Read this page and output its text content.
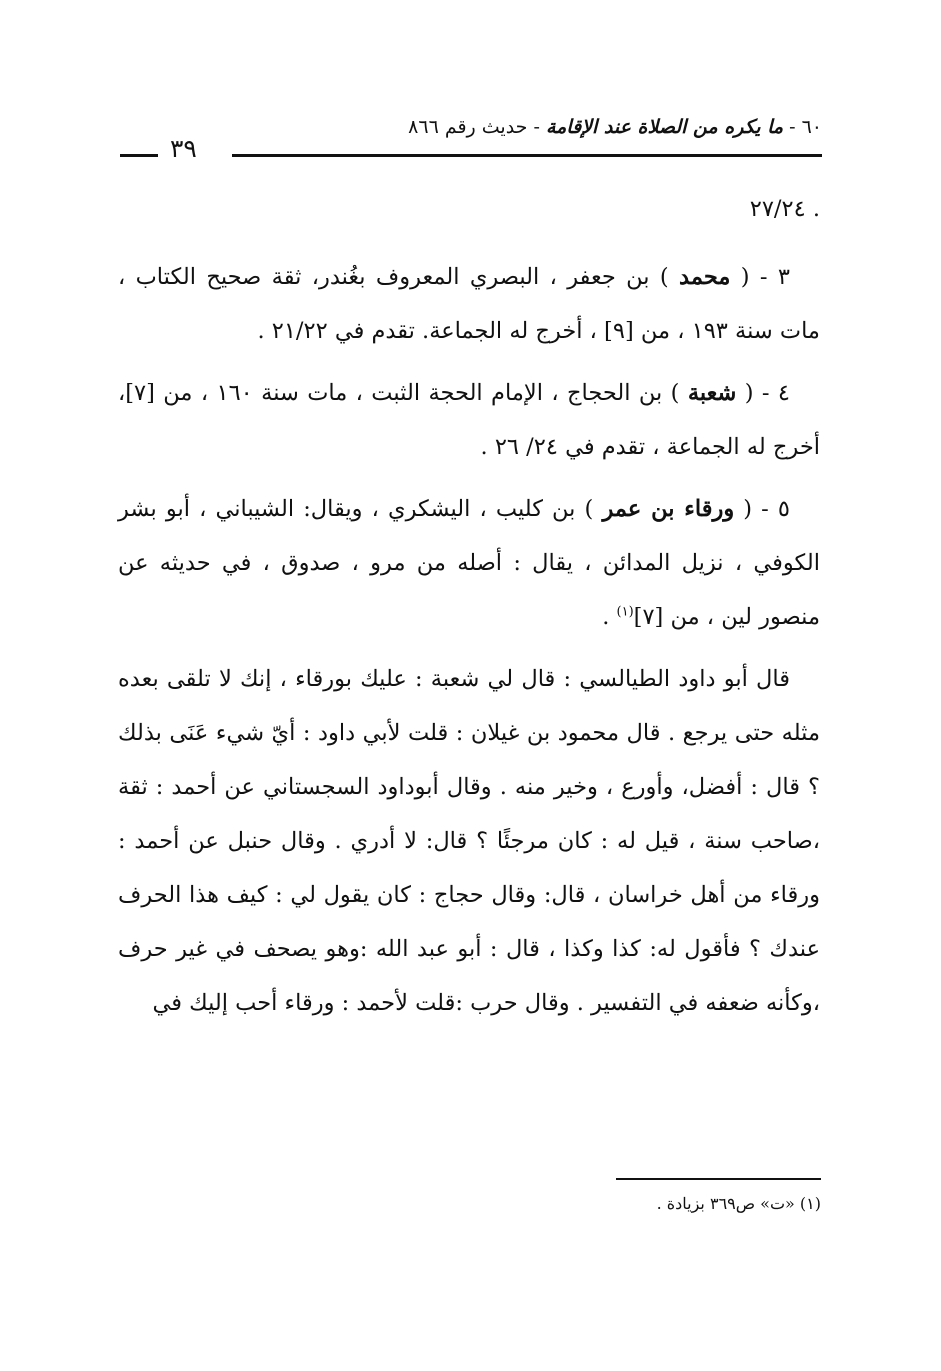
٦٠ - ما يكره من الصلاة عند الإقامة - حديث رقم ٨٦٦
٣٩

. ٢٧/٢٤

٣ - ( محمد ) بن جعفر ، البصري المعروف بغُندر، ثقة صحيح الكتاب ، مات سنة ١٩٣ ، من [٩] ، أخرج له الجماعة. تقدم في ٢١/٢٢ .

٤ - ( شعبة ) بن الحجاج ، الإمام الحجة الثبت ، مات سنة ١٦٠ ، من [٧]، أخرج له الجماعة ، تقدم في ٢٤/ ٢٦ .

٥ - ( ورقاء بن عمر ) بن كليب ، اليشكري ، ويقال: الشيباني ، أبو بشر الكوفي ، نزيل المدائن ، يقال : أصله من مرو ، صدوق ، في حديثه عن منصور لين ، من [٧]$^{(١)}$ .

قال أبو داود الطيالسي : قال لي شعبة : عليك بورقاء ، إنك لا تلقى بعده مثله حتى يرجع . قال محمود بن غيلان : قلت لأبي داود : أيّ شيء عَنَى بذلك ؟ قال : أفضل، وأورع ، وخير منه . وقال أبوداود السجستاني عن أحمد : ثقة ،صاحب سنة ، قيل له : كان مرجئًا ؟ قال: لا أدري . وقال حنبل عن أحمد : ورقاء من أهل خراسان ، قال: وقال حجاج : كان يقول لي : كيف هذا الحرف عندك ؟ فأقول له: كذا وكذا ، قال : أبو عبد الله :وهو يصحف في غير حرف ،وكأنه ضعفه في التفسير . وقال حرب :قلت لأحمد : ورقاء أحب إليك في

(١) «ت» ص٣٦٩ بزيادة .
